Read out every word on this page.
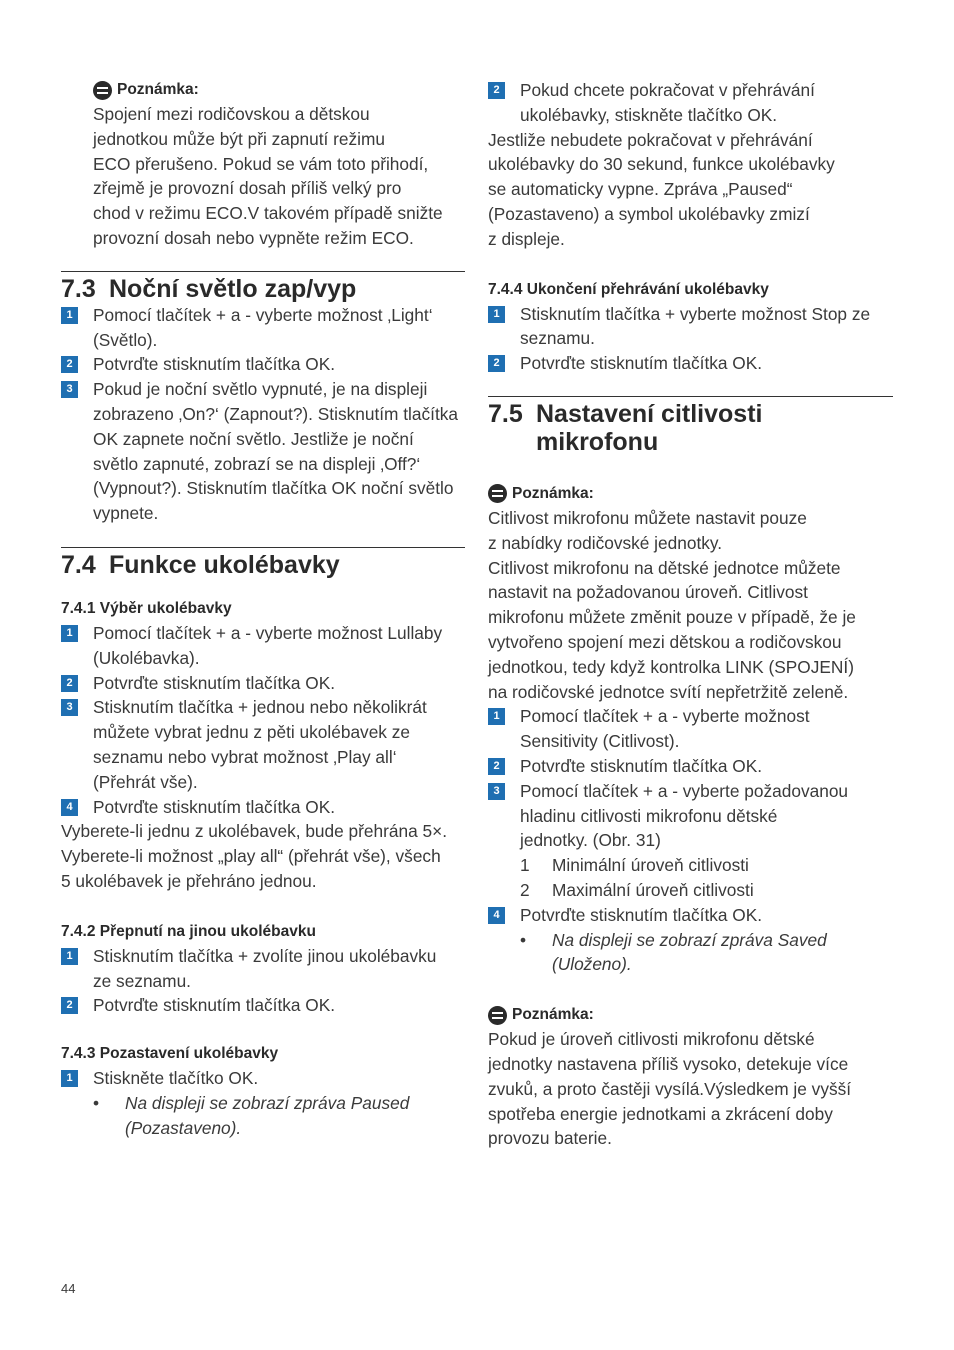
Poznámka:
Spojení mezi rodičovskou a dětskou
jednotkou může být při zapnutí režimu
ECO přerušeno. Pokud se vám toto přihodí,
zřejmě je provozní dosah příliš velký pro
chod v režimu ECO.V takovém případě snižte
provozní dosah nebo vypněte režim ECO.
7.3 Noční světlo zap/vyp
1	Pomocí tlačítek + a - vyberte možnost ‚Light‘
(Světlo).
2	Potvrďte stisknutím tlačítka OK.
3	Pokud je noční světlo vypnuté, je na displeji
zobrazeno ‚On?‘ (Zapnout?). Stisknutím tlačítka
OK zapnete noční světlo. Jestliže je noční
světlo zapnuté, zobrazí se na displeji ‚Off?‘
(Vypnout?). Stisknutím tlačítka OK noční světlo
vypnete.
7.4 Funkce ukolébavky
7.4.1 Výběr ukolébavky
1	Pomocí tlačítek + a - vyberte možnost Lullaby
(Ukolébavka).
2	Potvrďte stisknutím tlačítka OK.
3	Stisknutím tlačítka + jednou nebo několikrát
můžete vybrat jednu z pěti ukolébavek ze
seznamu nebo vybrat možnost ‚Play all‘
(Přehrát vše).
4	Potvrďte stisknutím tlačítka OK.
Vyberete-li jednu z ukolébavek, bude přehrána 5×.
Vyberete-li možnost „play all“ (přehrát vše), všech
5 ukolébavek je přehráno jednou.
7.4.2 Přepnutí na jinou ukolébavku
1	Stisknutím tlačítka + zvolíte jinou ukolébavku
ze seznamu.
2	Potvrďte stisknutím tlačítka OK.
7.4.3 Pozastavení ukolébavky
1	Stiskněte tlačítko OK.
•	Na displeji se zobrazí zpráva Paused
(Pozastaveno).
2	Pokud chcete pokračovat v přehrávání
ukolébavky, stiskněte tlačítko OK.
Jestliže nebudete pokračovat v přehrávání
ukolébavky do 30 sekund, funkce ukolébavky
se automaticky vypne. Zpráva „Paused“
(Pozastaveno) a symbol ukolébavky zmizí
z displeje.
7.4.4 Ukončení přehrávání ukolébavky
1	Stisknutím tlačítka + vyberte možnost Stop ze
seznamu.
2	Potvrďte stisknutím tlačítka OK.
7.5 Nastavení citlivosti
mikrofonu
Poznámka:
Citlivost mikrofonu můžete nastavit pouze
z nabídky rodičovské jednotky.
Citlivost mikrofonu na dětské jednotce můžete
nastavit na požadovanou úroveň. Citlivost
mikrofonu můžete změnit pouze v případě, že je
vytvořeno spojení mezi dětskou a rodičovskou
jednotkou, tedy když kontrolka LINK (SPOJENÍ)
na rodičovské jednotce svítí nepřetržitě zeleně.
1	Pomocí tlačítek + a - vyberte možnost
Sensitivity (Citlivost).
2	Potvrďte stisknutím tlačítka OK.
3	Pomocí tlačítek + a - vyberte požadovanou
hladinu citlivosti mikrofonu dětské
jednotky. (Obr. 31)
1	Minimální úroveň citlivosti
2	Maximální úroveň citlivosti
4	Potvrďte stisknutím tlačítka OK.
•	Na displeji se zobrazí zpráva Saved
(Uloženo).
Poznámka:
Pokud je úroveň citlivosti mikrofonu dětské
jednotky nastavena příliš vysoko, detekuje více
zvuků, a proto častěji vysílá.Výsledkem je vyšší
spotřeba energie jednotkami a zkrácení doby
provozu baterie.
44
